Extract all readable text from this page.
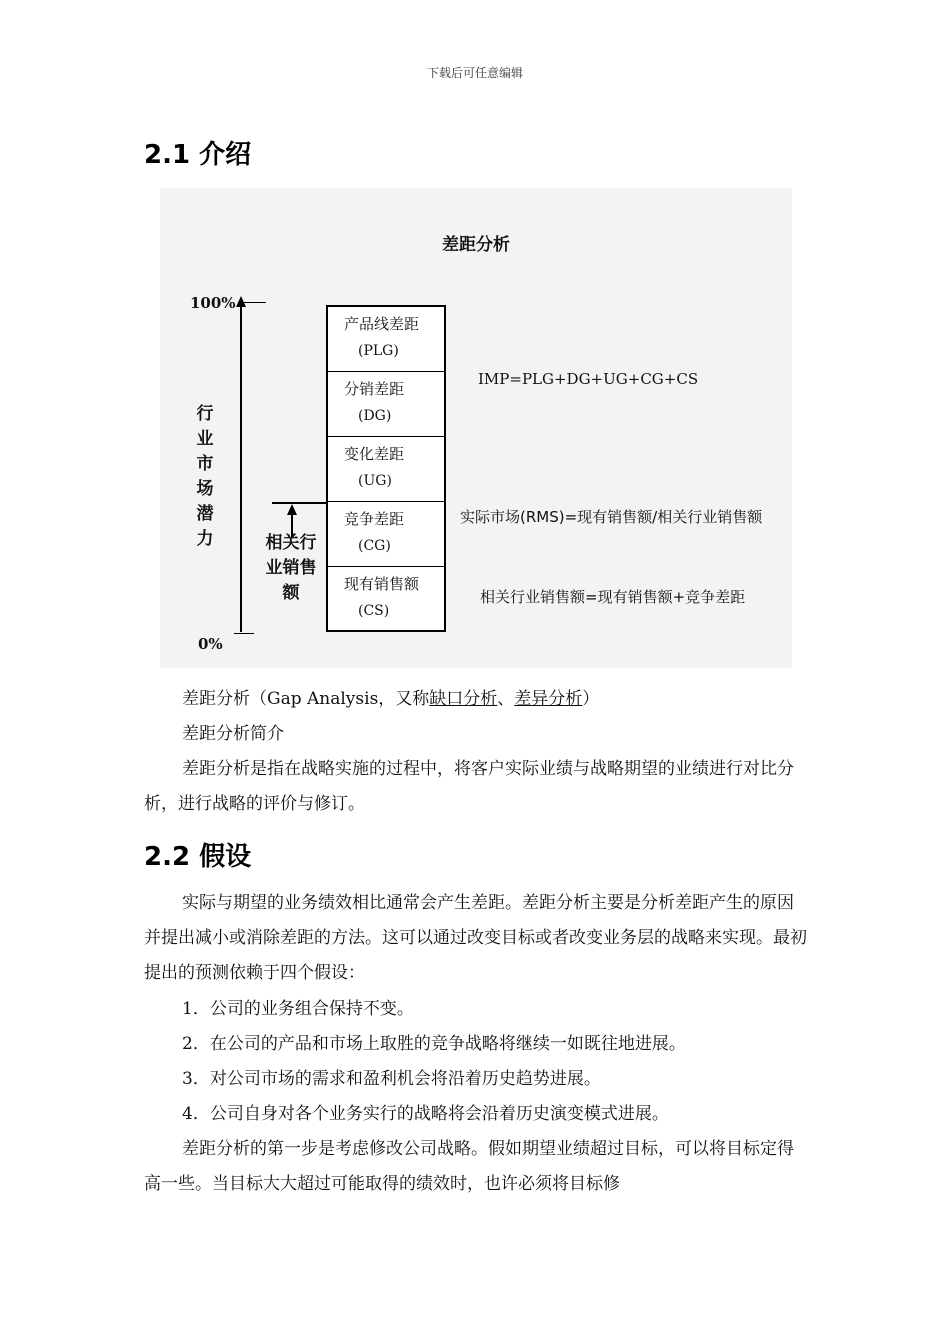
下载后可任意编辑
2.1 介绍
差距分析
100%
0%
行
业
市
场
潜
力	相关行
业销售
额
产品线差距
(PLG)
分销差距
(DG)
变化差距
(UG)
竞争差距
(CG)
现有销售额
(CS)
IMP=PLG+DG+UG+CG+CS
实际市场(RMS)=现有销售额/相关行业销售额
相关行业销售额=现有销售额+竞争差距
差距分析（Gap Analysis，又称缺口分析、差异分析）
差距分析简介
差距分析是指在战略实施的过程中，将客户实际业绩与战略期望的业绩进行对比分析，进行战略的评价与修订。
2.2 假设
实际与期望的业务绩效相比通常会产生差距。差距分析主要是分析差距产生的原因并提出减小或消除差距的方法。这可以通过改变目标或者改变业务层的战略来实现。最初提出的预测依赖于四个假设：
1．公司的业务组合保持不变。
2．在公司的产品和市场上取胜的竞争战略将继续一如既往地进展。
3．对公司市场的需求和盈利机会将沿着历史趋势进展。
4．公司自身对各个业务实行的战略将会沿着历史演变模式进展。
差距分析的第一步是考虑修改公司战略。假如期望业绩超过目标，可以将目标定得高一些。当目标大大超过可能取得的绩效时，也许必须将目标修
